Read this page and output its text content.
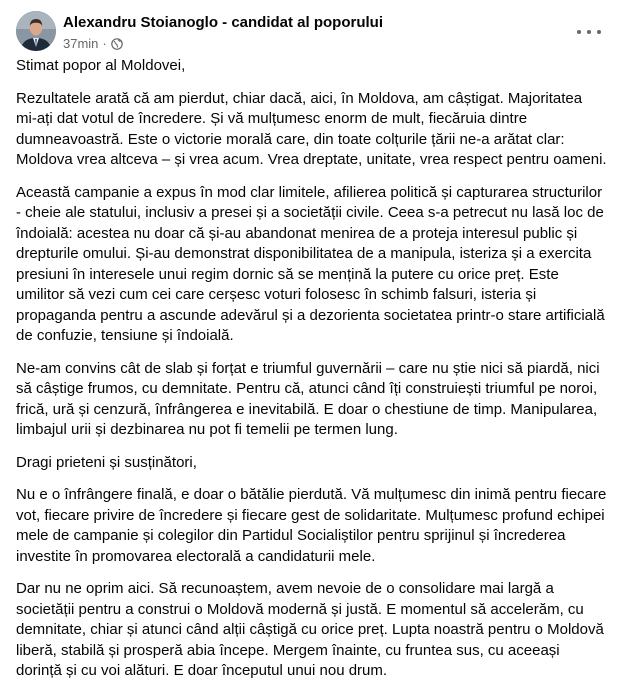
Alexandru Stoianoglo - candidat al poporului
37min ·

Stimat popor al Moldovei,

Rezultatele arată că am pierdut, chiar dacă, aici, în Moldova, am câștigat. Majoritatea mi-ați dat votul de încredere. Și vă mulțumesc enorm de mult, fiecăruia dintre dumneavoastră. Este o victorie morală care, din toate colțurile țării ne-a arătat clar: Moldova vrea altceva – și vrea acum. Vrea dreptate, unitate, vrea respect pentru oameni.

Această campanie a expus în mod clar limitele, afilierea politică și capturarea structurilor - cheie ale statului, inclusiv a presei și a societății civile. Ceea s-a petrecut nu lasă loc de îndoială: acestea nu doar că și-au abandonat menirea de a proteja interesul public și drepturile omului. Și-au demonstrat disponibilitatea de a manipula, isteriza și a exercita presiuni în interesele unui regim dornic să se mențină la putere cu orice preț. Este umilitor să vezi cum cei care cerșesc voturi folosesc în schimb falsuri, isteria și propaganda pentru a ascunde adevărul și a dezorienta societatea printr-o stare artificială de confuzie, tensiune și îndoială.

Ne-am convins cât de slab și forțat e triumful guvernării – care nu știe nici să piardă, nici să câștige frumos, cu demnitate. Pentru că, atunci când îți construiești triumful pe noroi, frică, ură și cenzură, înfrângerea e inevitabilă. E doar o chestiune de timp. Manipularea, limbajul urii și dezbinarea nu pot fi temelii pe termen lung.

Dragi prieteni și susținători,

Nu e o înfrângere finală, e doar o bătălie pierdută. Vă mulțumesc din inimă pentru fiecare vot, fiecare privire de încredere și fiecare gest de solidaritate. Mulțumesc profund echipei mele de campanie și colegilor din Partidul Socialiștilor pentru sprijinul și încrederea investite în promovarea electorală a candidaturii mele.

Dar nu ne oprim aici. Să recunoaștem, avem nevoie de o consolidare mai largă a societății pentru a construi o Moldovă modernă și justă. E momentul să accelerăm, cu demnitate, chiar și atunci când alții câștigă cu orice preț. Lupta noastră pentru o Moldovă liberă, stabilă și prosperă abia începe. Mergem înainte, cu fruntea sus, cu aceeași dorință și cu voi alături. E doar începutul unui nou drum.
